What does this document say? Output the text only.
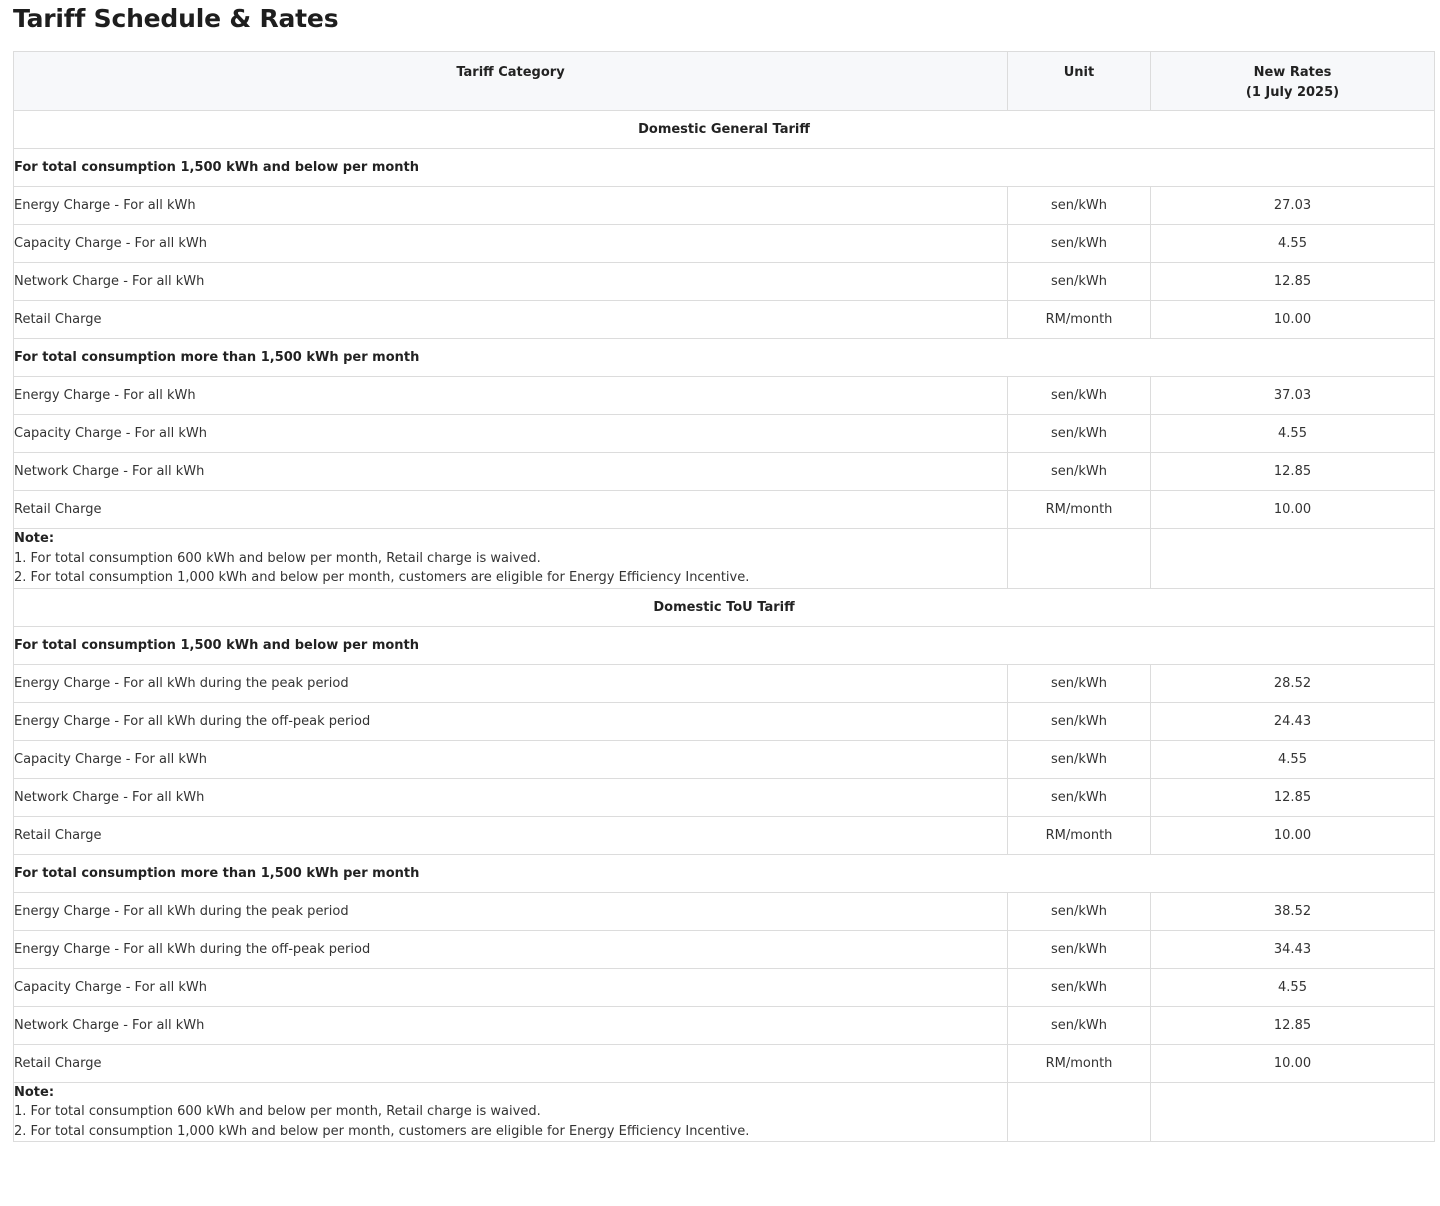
Tariff Schedule & Rates
Tariff Category	Unit	New Rates
(1 July 2025)

Domestic General Tariff		
For total consumption 1,500 kWh and below per month		
Energy Charge - For all kWh	sen/kWh	27.03
Capacity Charge - For all kWh	sen/kWh	4.55
Network Charge - For all kWh	sen/kWh	12.85
Retail Charge	RM/month	10.00
For total consumption more than 1,500 kWh per month		
Energy Charge - For all kWh	sen/kWh	37.03
Capacity Charge - For all kWh	sen/kWh	4.55
Network Charge - For all kWh	sen/kWh	12.85
Retail Charge	RM/month	10.00

Note:
1. For total consumption 600 kWh and below per month, Retail charge is waived.
2. For total consumption 1,000 kWh and below per month, customers are eligible for Energy Efficiency Incentive.		

Domestic ToU Tariff		
For total consumption 1,500 kWh and below per month		
Energy Charge - For all kWh during the peak period	sen/kWh	28.52
Energy Charge - For all kWh during the off-peak period	sen/kWh	24.43
Capacity Charge - For all kWh	sen/kWh	4.55
Network Charge - For all kWh	sen/kWh	12.85
Retail Charge	RM/month	10.00
For total consumption more than 1,500 kWh per month		
Energy Charge - For all kWh during the peak period	sen/kWh	38.52
Energy Charge - For all kWh during the off-peak period	sen/kWh	34.43
Capacity Charge - For all kWh	sen/kWh	4.55
Network Charge - For all kWh	sen/kWh	12.85
Retail Charge	RM/month	10.00

Note:
1. For total consumption 600 kWh and below per month, Retail charge is waived.
2. For total consumption 1,000 kWh and below per month, customers are eligible for Energy Efficiency Incentive.		
